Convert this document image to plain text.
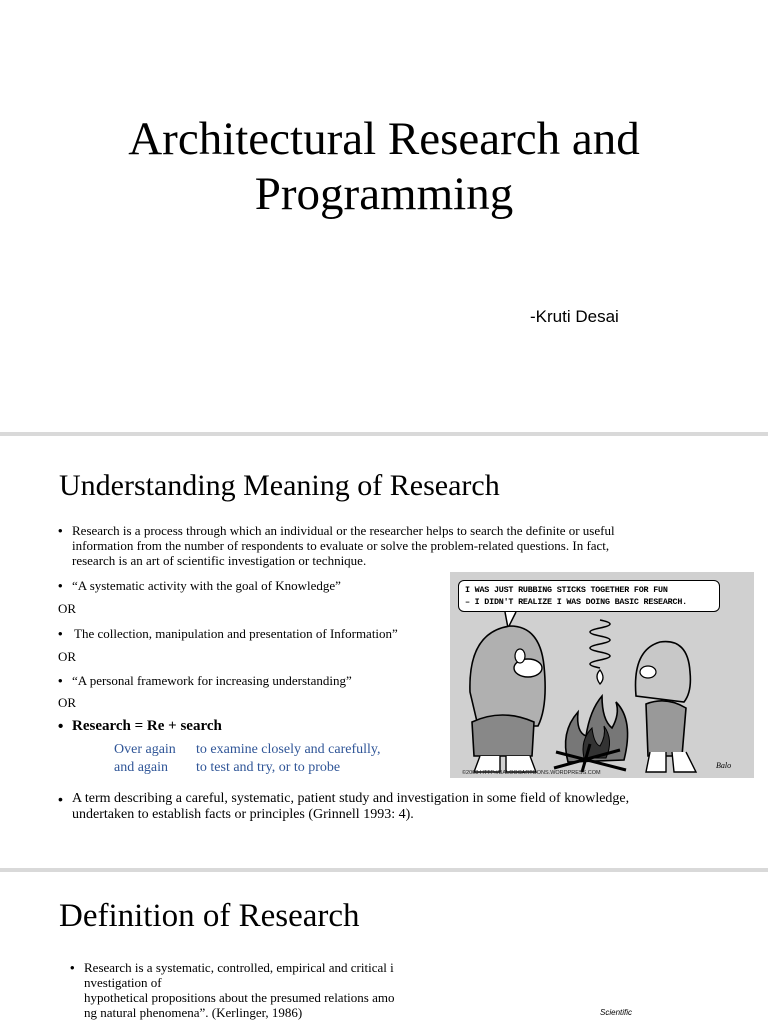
Architectural Research and
Programming
-Kruti Desai
Understanding Meaning of Research
• Research is a process through which an individual or the researcher helps to search the definite or useful
information from the number of respondents to evaluate or solve the problem-related questions. In fact,
research is an art of scientific investigation or technique.
• “A systematic activity with the goal of Knowledge”
OR
• The collection, manipulation and presentation of Information”
OR
• “A personal framework for increasing understanding”
OR
• Research = Re + search
Over again to examine closely and carefully,
and again to test and try, or to probe
• A term describing a careful, systematic, patient study and investigation in some field of knowledge,
undertaken to establish facts or principles (Grinnell 1993: 4).
I WAS JUST RUBBING STICKS TOGETHER FOR FUN
– I DIDN'T REALIZE I WAS DOING BASIC RESEARCH.
Balo
©2008 HTTP://BALOOCARTOONS.WORDPRESS.COM
Definition of Research
• Research is a systematic, controlled, empirical and critical i
nvestigation of
hypothetical propositions about the presumed relations amo
ng natural phenomena”. (Kerlinger, 1986)	Scientific
